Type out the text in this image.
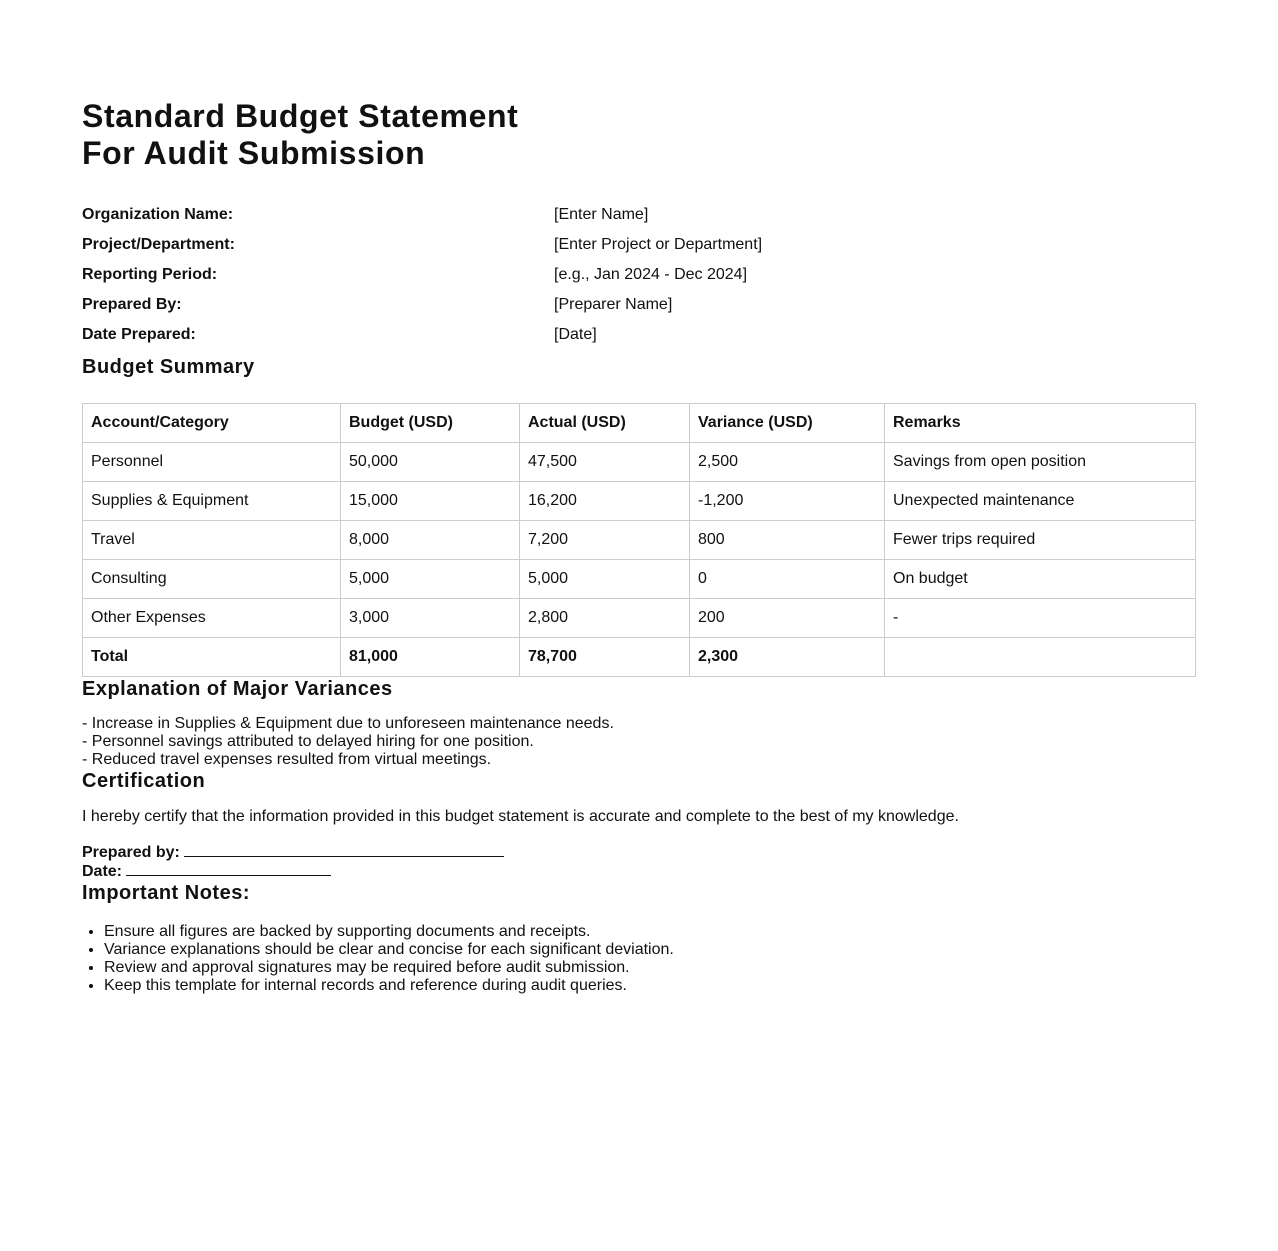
Standard Budget Statement
For Audit Submission
Organization Name:	[Enter Name]
Project/Department:	[Enter Project or Department]
Reporting Period:	[e.g., Jan 2024 - Dec 2024]
Prepared By:	[Preparer Name]
Date Prepared:	[Date]
Budget Summary
Account/Category	Budget (USD)	Actual (USD)	Variance (USD)	Remarks
Personnel	50,000	47,500	2,500	Savings from open position
Supplies & Equipment	15,000	16,200	-1,200	Unexpected maintenance
Travel	8,000	7,200	800	Fewer trips required
Consulting	5,000	5,000	0	On budget
Other Expenses	3,000	2,800	200	-
Total	81,000	78,700	2,300	
Explanation of Major Variances
- Increase in Supplies & Equipment due to unforeseen maintenance needs.
- Personnel savings attributed to delayed hiring for one position.
- Reduced travel expenses resulted from virtual meetings.
Certification
I hereby certify that the information provided in this budget statement is accurate and complete to the best of my knowledge.
Prepared by:
Date:
Important Notes:
• Ensure all figures are backed by supporting documents and receipts.
• Variance explanations should be clear and concise for each significant deviation.
• Review and approval signatures may be required before audit submission.
• Keep this template for internal records and reference during audit queries.
